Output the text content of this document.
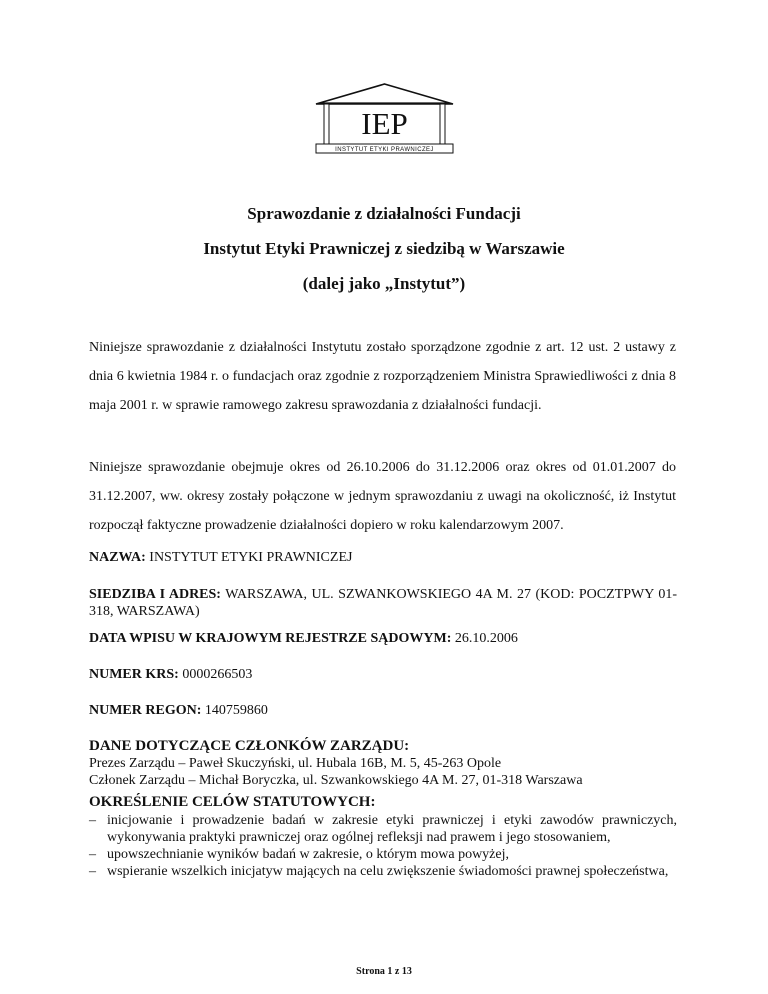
IEP
INSTYTUT ETYKI PRAWNICZEJ

Sprawozdanie z działalności Fundacji

Instytut Etyki Prawniczej z siedzibą w Warszawie

(dalej jako „Instytut”)

Niniejsze sprawozdanie z działalności Instytutu zostało sporządzone zgodnie z art. 12 ust. 2 ustawy z dnia 6 kwietnia 1984 r. o fundacjach oraz zgodnie z rozporządzeniem Ministra Sprawiedliwości z dnia 8 maja 2001 r. w sprawie ramowego zakresu sprawozdania z działalności fundacji.

Niniejsze sprawozdanie obejmuje okres od 26.10.2006 do 31.12.2006 oraz okres od 01.01.2007 do 31.12.2007, ww. okresy zostały połączone w jednym sprawozdaniu z uwagi na okoliczność, iż Instytut rozpoczął faktyczne prowadzenie działalności dopiero w roku kalendarzowym 2007.

NAZWA: INSTYTUT ETYKI PRAWNICZEJ

SIEDZIBA I ADRES: WARSZAWA, UL. SZWANKOWSKIEGO 4A M. 27 (KOD: POCZTPWY 01-318, WARSZAWA)

DATA WPISU W KRAJOWYM REJESTRZE SĄDOWYM: 26.10.2006

NUMER KRS: 0000266503

NUMER REGON: 140759860

DANE DOTYCZĄCE CZŁONKÓW ZARZĄDU:
Prezes Zarządu – Paweł Skuczyński, ul. Hubala 16B, M. 5, 45-263 Opole
Członek Zarządu – Michał Boryczka, ul. Szwankowskiego 4A M. 27, 01-318 Warszawa
OKREŚLENIE CELÓW STATUTOWYCH:
– inicjowanie i prowadzenie badań w zakresie etyki prawniczej i etyki zawodów prawniczych, wykonywania praktyki prawniczej oraz ogólnej refleksji nad prawem i jego stosowaniem,
– upowszechnianie wyników badań w zakresie, o którym mowa powyżej,
– wspieranie wszelkich inicjatyw mających na celu zwiększenie świadomości prawnej społeczeństwa,
Strona 1 z 13
